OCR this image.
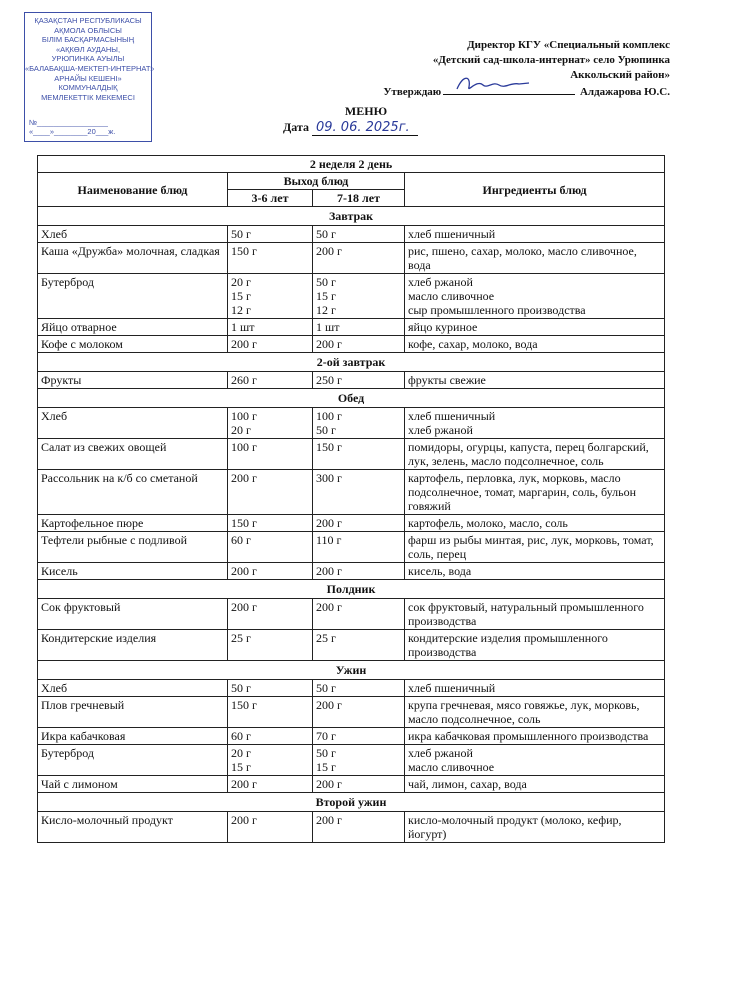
ҚАЗАҚСТАН РЕСПУБЛИКАСЫ
АҚМОЛА ОБЛЫСЫ
БІЛІМ БАСҚАРМАСЫНЫҢ
«АҚКӨЛ АУДАНЫ,
УРЮПИНКА АУЫЛЫ
«БАЛАБАҚША-МЕКТЕП-ИНТЕРНАТ»
АРНАЙЫ КЕШЕНІ»
КОММУНАЛДЫҚ
МЕМЛЕКЕТТІК МЕКЕМЕСІ
№_________________
«____»________20___ж.
Директор КГУ «Специальный комплекс
«Детский сад-школа-интернат» село Урюпинка
Аккольский район»
Утверждаю	Алдажарова Ю.С.
МЕНЮ
Дата 09. 06. 2025г.
2 неделя 2 день			
Наименование блюд	Выход блюд		Ингредиенты блюд
	3-6 лет	7-18 лет	
Завтрак			

Хлеб	50 г	50 г	хлеб пшеничный

Каша «Дружба» молочная, сладкая	150 г	200 г	рис, пшено, сахар, молоко, масло сливочное, вода

Бутерброд	20 г
15 г
12 г	50 г
15 г
12 г	хлеб ржаной
масло сливочное
сыр промышленного производства

Яйцо отварное	1 шт	1 шт	яйцо куриное

Кофе с молоком	200 г	200 г	кофе, сахар, молоко, вода

2-ой завтрак			

Фрукты	260 г	250 г	фрукты свежие

Обед			

Хлеб	100 г
20 г	100 г
50 г	хлеб пшеничный
хлеб ржаной

Салат из свежих овощей	100 г	150 г	помидоры, огурцы, капуста, перец болгарский, лук, зелень, масло подсолнечное, соль

Рассольник на к/б со сметаной	200 г	300 г	картофель, перловка, лук, морковь, масло подсолнечное, томат, маргарин, соль, бульон говяжий

Картофельное пюре	150 г	200 г	картофель, молоко, масло, соль

Тефтели рыбные с подливой	60 г	110 г	фарш из рыбы минтая, рис, лук, морковь, томат, соль, перец

Кисель	200 г	200 г	кисель, вода

Полдник			

Сок фруктовый	200 г	200 г	сок фруктовый, натуральный промышленного производства

Кондитерские изделия	25 г	25 г	кондитерские изделия промышленного производства

Ужин			

Хлеб	50 г	50 г	хлеб пшеничный

Плов гречневый	150 г	200 г	крупа гречневая, мясо говяжье, лук, морковь, масло подсолнечное, соль

Икра кабачковая	60 г	70 г	икра кабачковая промышленного производства

Бутерброд	20 г
15 г	50 г
15 г	хлеб ржаной
масло сливочное

Чай с лимоном	200 г	200 г	чай, лимон, сахар, вода

Второй ужин			

Кисло-молочный продукт	200 г	200 г	кисло-молочный продукт (молоко, кефир, йогурт)
